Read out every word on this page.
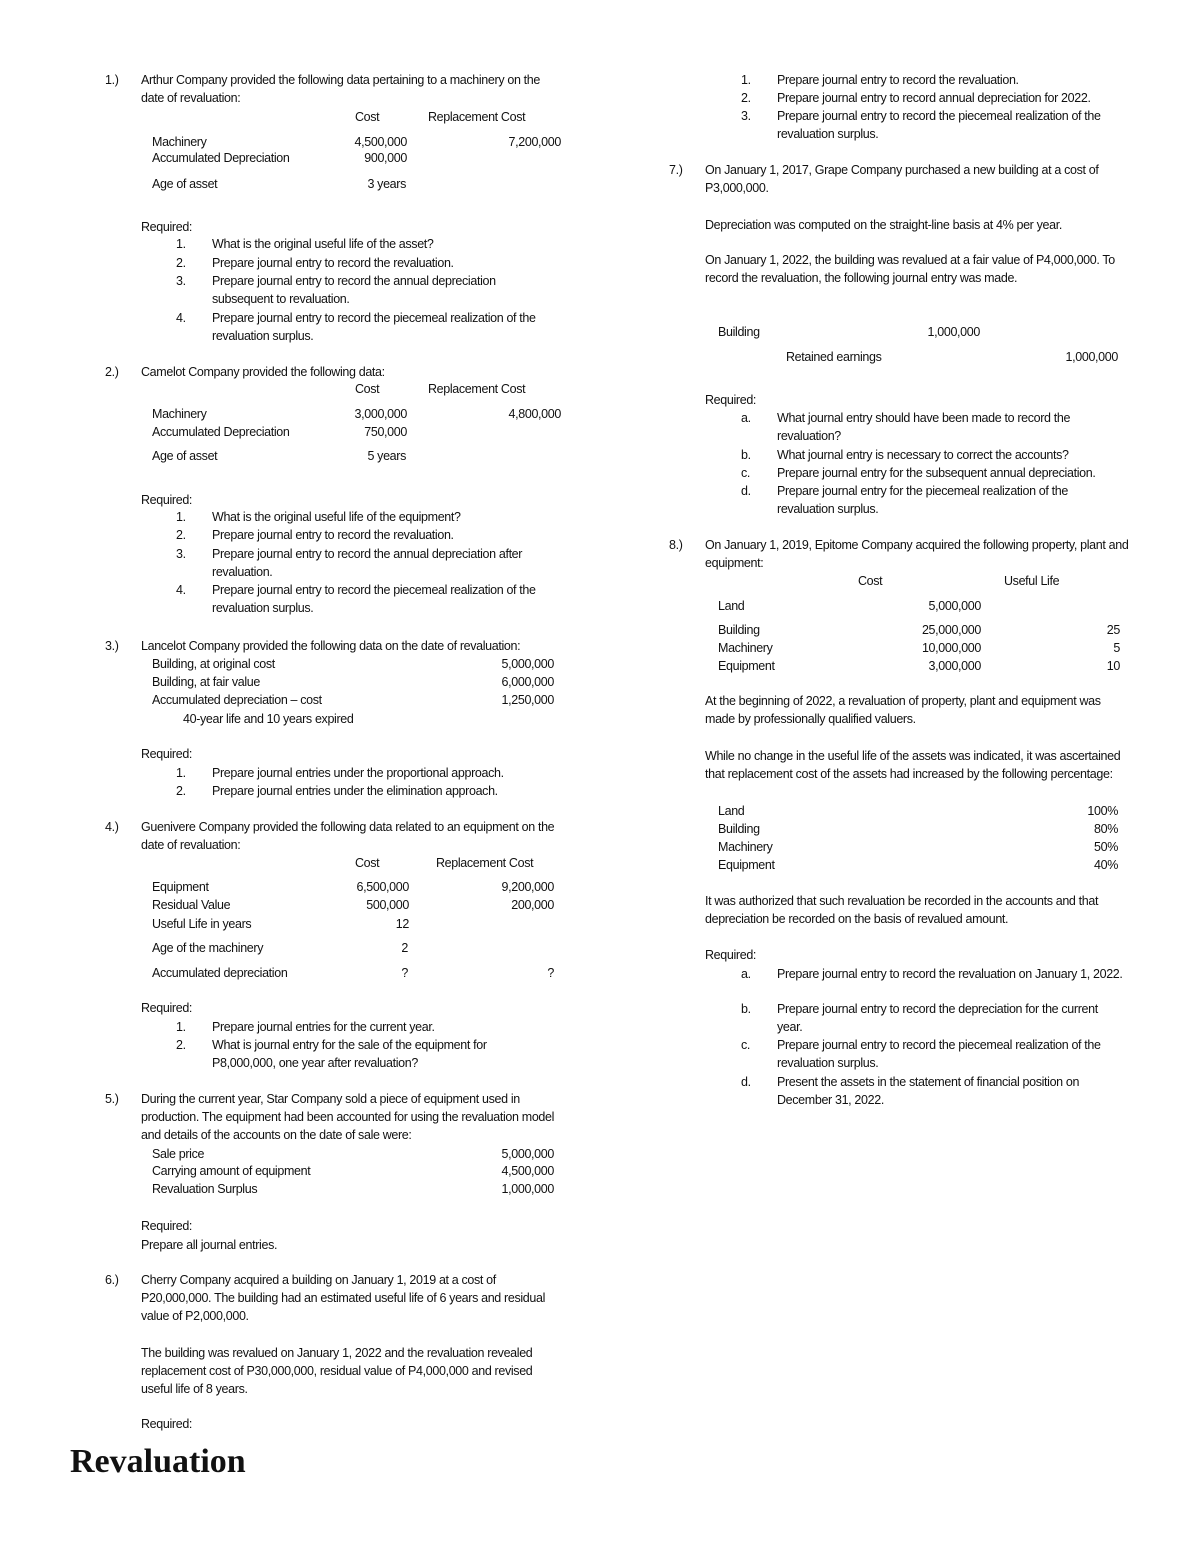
1.) Arthur Company provided the following data pertaining to a machinery on the date of revaluation:
Cost	Replacement Cost
Machinery	4,500,000	7,200,000
Accumulated Depreciation	900,000
Age of asset	3 years
Required:
1. What is the original useful life of the asset?
2. Prepare journal entry to record the revaluation.
3. Prepare journal entry to record the annual depreciation subsequent to revaluation.
4. Prepare journal entry to record the piecemeal realization of the revaluation surplus.
2.) Camelot Company provided the following data:
Cost	Replacement Cost
Machinery	3,000,000	4,800,000
Accumulated Depreciation	750,000
Age of asset	5 years
Required:
1. What is the original useful life of the equipment?
2. Prepare journal entry to record the revaluation.
3. Prepare journal entry to record the annual depreciation after revaluation.
4. Prepare journal entry to record the piecemeal realization of the revaluation surplus.
3.) Lancelot Company provided the following data on the date of revaluation:
Building, at original cost	5,000,000
Building, at fair value	6,000,000
Accumulated depreciation – cost	1,250,000
40-year life and 10 years expired
Required:
1. Prepare journal entries under the proportional approach.
2. Prepare journal entries under the elimination approach.
4.) Guenivere Company provided the following data related to an equipment on the date of revaluation:
Cost	Replacement Cost
Equipment	6,500,000	9,200,000
Residual Value	500,000	200,000
Useful Life in years	12
Age of the machinery	2
Accumulated depreciation	?	?
Required:
1. Prepare journal entries for the current year.
2. What is journal entry for the sale of the equipment for P8,000,000, one year after revaluation?
5.) During the current year, Star Company sold a piece of equipment used in production. The equipment had been accounted for using the revaluation model and details of the accounts on the date of sale were:
Sale price	5,000,000
Carrying amount of equipment	4,500,000
Revaluation Surplus	1,000,000
Required:
Prepare all journal entries.
6.) Cherry Company acquired a building on January 1, 2019 at a cost of P20,000,000. The building had an estimated useful life of 6 years and residual value of P2,000,000.
The building was revalued on January 1, 2022 and the revaluation revealed replacement cost of P30,000,000, residual value of P4,000,000 and revised useful life of 8 years.
Required:
Revaluation
1. Prepare journal entry to record the revaluation.
2. Prepare journal entry to record annual depreciation for 2022.
3. Prepare journal entry to record the piecemeal realization of the revaluation surplus.
7.) On January 1, 2017, Grape Company purchased a new building at a cost of P3,000,000.
Depreciation was computed on the straight-line basis at 4% per year.
On January 1, 2022, the building was revalued at a fair value of P4,000,000. To record the revaluation, the following journal entry was made.
Building	1,000,000
Retained earnings	1,000,000
Required:
a. What journal entry should have been made to record the revaluation?
b. What journal entry is necessary to correct the accounts?
c. Prepare journal entry for the subsequent annual depreciation.
d. Prepare journal entry for the piecemeal realization of the revaluation surplus.
8.) On January 1, 2019, Epitome Company acquired the following property, plant and equipment:
Cost	Useful Life
Land	5,000,000
Building	25,000,000	25
Machinery	10,000,000	5
Equipment	3,000,000	10
At the beginning of 2022, a revaluation of property, plant and equipment was made by professionally qualified valuers.
While no change in the useful life of the assets was indicated, it was ascertained that replacement cost of the assets had increased by the following percentage:
Land	100%
Building	80%
Machinery	50%
Equipment	40%
It was authorized that such revaluation be recorded in the accounts and that depreciation be recorded on the basis of revalued amount.
Required:
a. Prepare journal entry to record the revaluation on January 1, 2022.
b. Prepare journal entry to record the depreciation for the current year.
c. Prepare journal entry to record the piecemeal realization of the revaluation surplus.
d. Present the assets in the statement of financial position on December 31, 2022.
